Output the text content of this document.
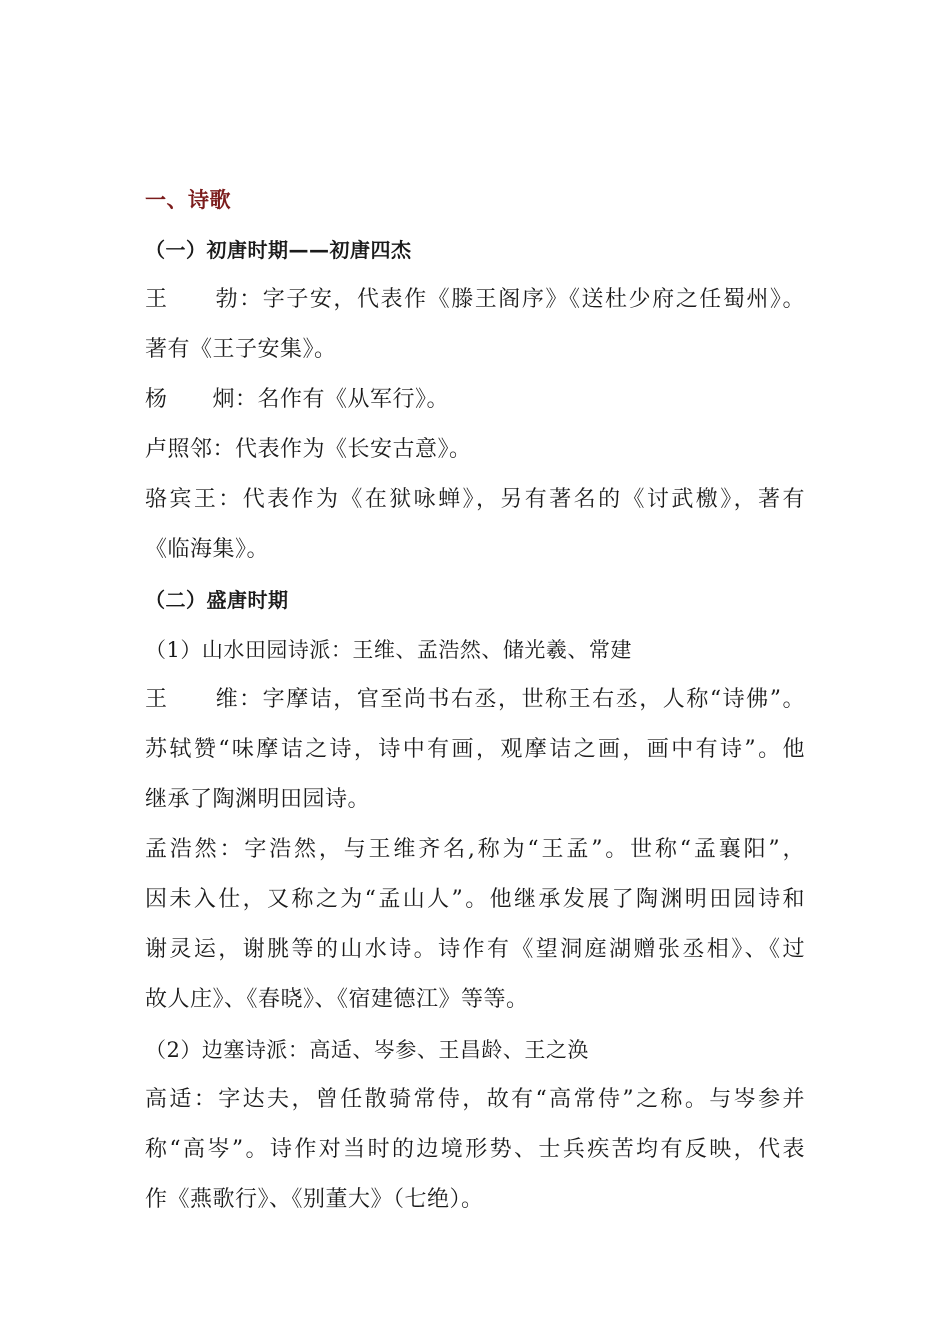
一、诗歌
（一）初唐时期——初唐四杰
王　　勃：字子安，代表作《滕王阁序》《送杜少府之任蜀州》。
著有《王子安集》。
杨　　炯：名作有《从军行》。
卢照邻：代表作为《长安古意》。
骆宾王：代表作为《在狱咏蝉》，另有著名的《讨武檄》，著有
《临海集》。
（二）盛唐时期
（1）山水田园诗派：王维、孟浩然、储光羲、常建
王　　维：字摩诘，官至尚书右丞，世称王右丞，人称“诗佛”。
苏轼赞“味摩诘之诗，诗中有画，观摩诘之画，画中有诗”。他
继承了陶渊明田园诗。
孟浩然：字浩然，与王维齐名,称为“王孟”。世称“孟襄阳”，
因未入仕，又称之为“孟山人”。他继承发展了陶渊明田园诗和
谢灵运，谢朓等的山水诗。诗作有《望洞庭湖赠张丞相》、《过
故人庄》、《春晓》、《宿建德江》等等。
（2）边塞诗派：高适、岑参、王昌龄、王之涣
高适：字达夫，曾任散骑常侍，故有“高常侍”之称。与岑参并
称“高岑”。诗作对当时的边境形势、士兵疾苦均有反映，代表
作《燕歌行》、《别董大》（七绝）。
